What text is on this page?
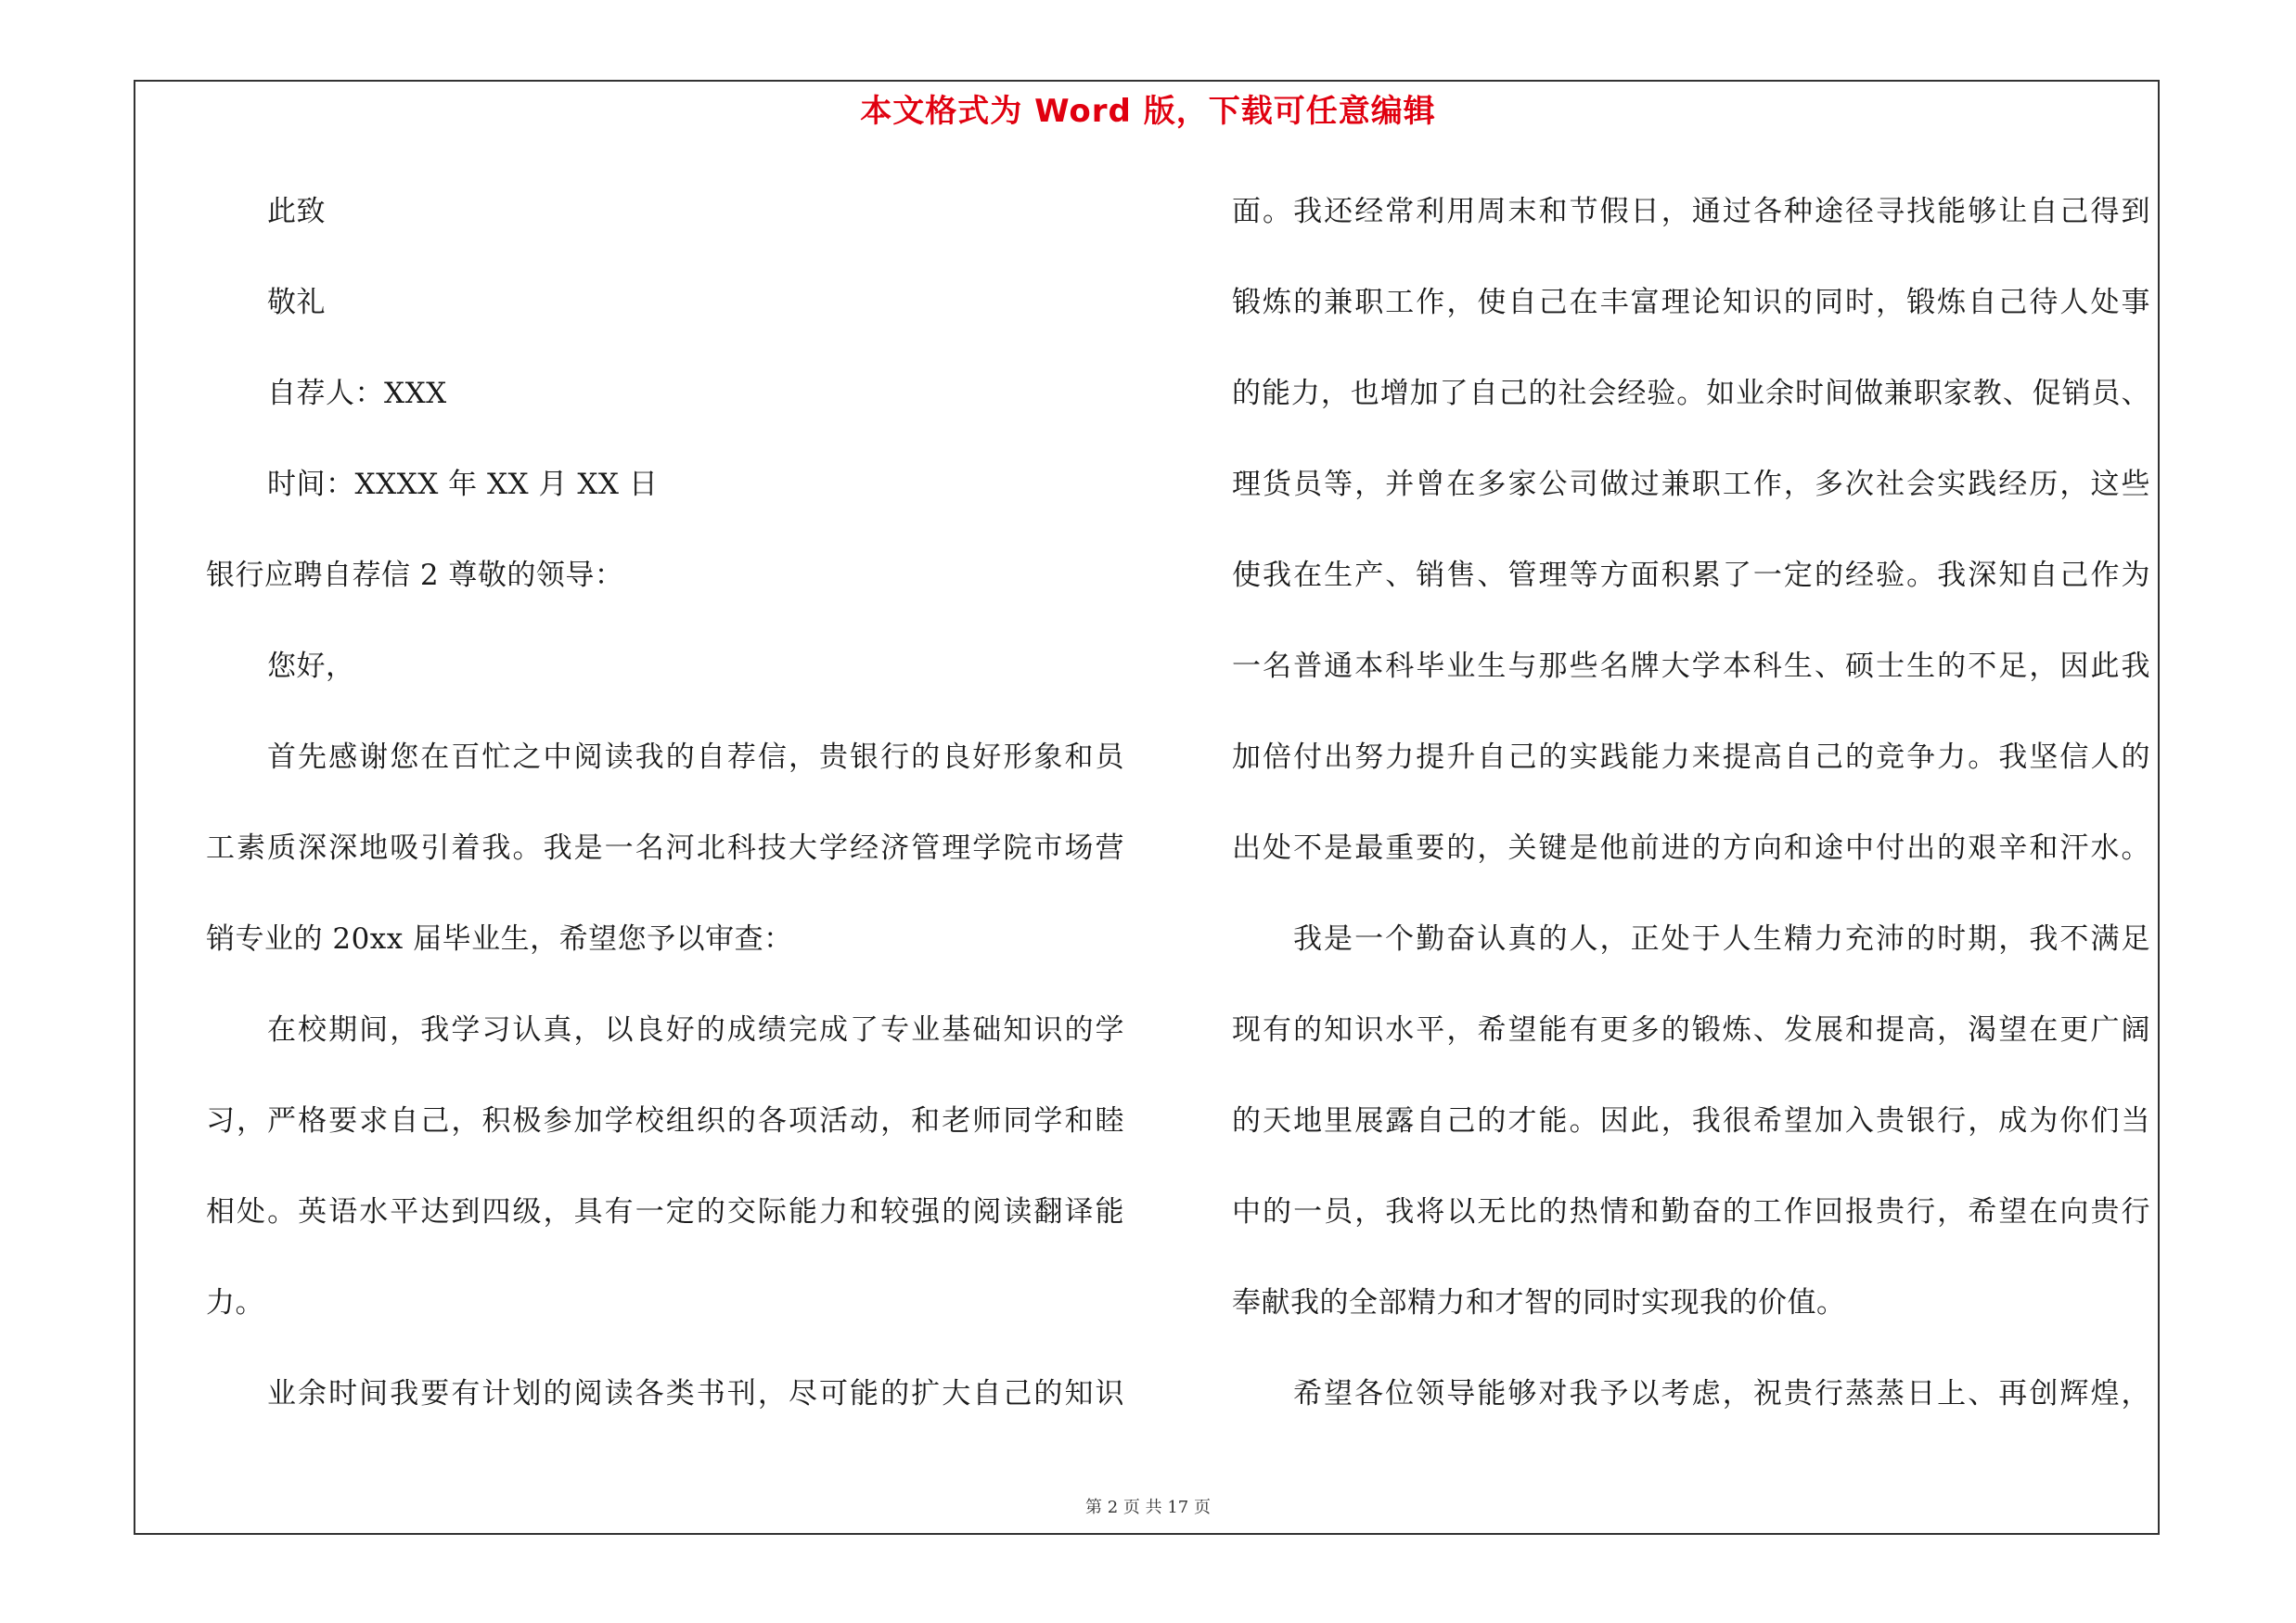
本文格式为 Word 版，下载可任意编辑
此致
敬礼
自荐人：XXX
时间：XXXX 年 XX 月 XX 日
银行应聘自荐信 2 尊敬的领导：
您好，
首先感谢您在百忙之中阅读我的自荐信，贵银行的良好形象和员
工素质深深地吸引着我。我是一名河北科技大学经济管理学院市场营
销专业的 20xx 届毕业生，希望您予以审查：
在校期间，我学习认真，以良好的成绩完成了专业基础知识的学
习，严格要求自己，积极参加学校组织的各项活动，和老师同学和睦
相处。英语水平达到四级，具有一定的交际能力和较强的阅读翻译能
力。
业余时间我要有计划的阅读各类书刊，尽可能的扩大自己的知识
面。我还经常利用周末和节假日，通过各种途径寻找能够让自己得到
锻炼的兼职工作，使自己在丰富理论知识的同时，锻炼自己待人处事
的能力，也增加了自己的社会经验。如业余时间做兼职家教、促销员、
理货员等，并曾在多家公司做过兼职工作，多次社会实践经历，这些
使我在生产、销售、管理等方面积累了一定的经验。我深知自己作为
一名普通本科毕业生与那些名牌大学本科生、硕士生的不足，因此我
加倍付出努力提升自己的实践能力来提高自己的竞争力。我坚信人的
出处不是最重要的，关键是他前进的方向和途中付出的艰辛和汗水。
我是一个勤奋认真的人，正处于人生精力充沛的时期，我不满足
现有的知识水平，希望能有更多的锻炼、发展和提高，渴望在更广阔
的天地里展露自己的才能。因此，我很希望加入贵银行，成为你们当
中的一员，我将以无比的热情和勤奋的工作回报贵行，希望在向贵行
奉献我的全部精力和才智的同时实现我的价值。
希望各位领导能够对我予以考虑，祝贵行蒸蒸日上、再创辉煌，
第 2 页 共 17 页
